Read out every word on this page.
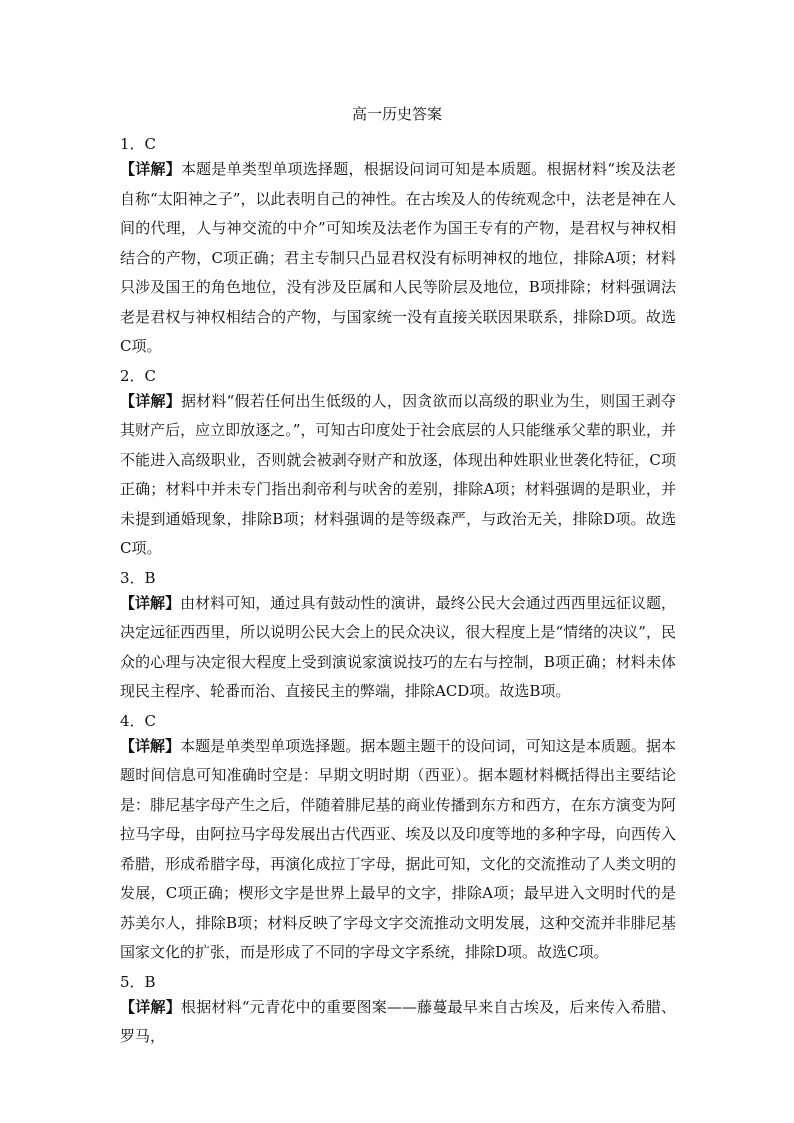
高一历史答案
1．C

【详解】本题是单类型单项选择题，根据设问词可知是本质题。根据材料“埃及法老自称“太阳神之子”，以此表明自己的神性。在古埃及人的传统观念中，法老是神在人间的代理，人与神交流的中介”可知埃及法老作为国王专有的产物，是君权与神权相结合的产物，C项正确；君主专制只凸显君权没有标明神权的地位，排除A项；材料只涉及国王的角色地位，没有涉及臣属和人民等阶层及地位，B项排除；材料强调法老是君权与神权相结合的产物，与国家统一没有直接关联因果联系，排除D项。故选C项。

2．C

【详解】据材料“假若任何出生低级的人，因贪欲而以高级的职业为生，则国王剥夺其财产后，应立即放逐之。”，可知古印度处于社会底层的人只能继承父辈的职业，并不能进入高级职业，否则就会被剥夺财产和放逐，体现出种姓职业世袭化特征，C项正确；材料中并未专门指出刹帝利与吠舍的差别，排除A项；材料强调的是职业，并未提到通婚现象，排除B项；材料强调的是等级森严，与政治无关，排除D项。故选C项。

3．B

【详解】由材料可知，通过具有鼓动性的演讲，最终公民大会通过西西里远征议题，决定远征西西里，所以说明公民大会上的民众决议，很大程度上是“情绪的决议”，民众的心理与决定很大程度上受到演说家演说技巧的左右与控制，B项正确；材料未体现民主程序、轮番而治、直接民主的弊端，排除ACD项。故选B项。

4．C

【详解】本题是单类型单项选择题。据本题主题干的设问词，可知这是本质题。据本题时间信息可知准确时空是：早期文明时期（西亚）。据本题材料概括得出主要结论是：腓尼基字母产生之后，伴随着腓尼基的商业传播到东方和西方，在东方演变为阿拉马字母，由阿拉马字母发展出古代西亚、埃及以及印度等地的多种字母，向西传入希腊，形成希腊字母，再演化成拉丁字母，据此可知，文化的交流推动了人类文明的发展，C项正确；楔形文字是世界上最早的文字，排除A项；最早进入文明时代的是苏美尔人，排除B项；材料反映了字母文字交流推动文明发展，这种交流并非腓尼基国家文化的扩张，而是形成了不同的字母文字系统，排除D项。故选C项。

5．B

【详解】根据材料“元青花中的重要图案——藤蔓最早来自古埃及，后来传入希腊、罗马，
